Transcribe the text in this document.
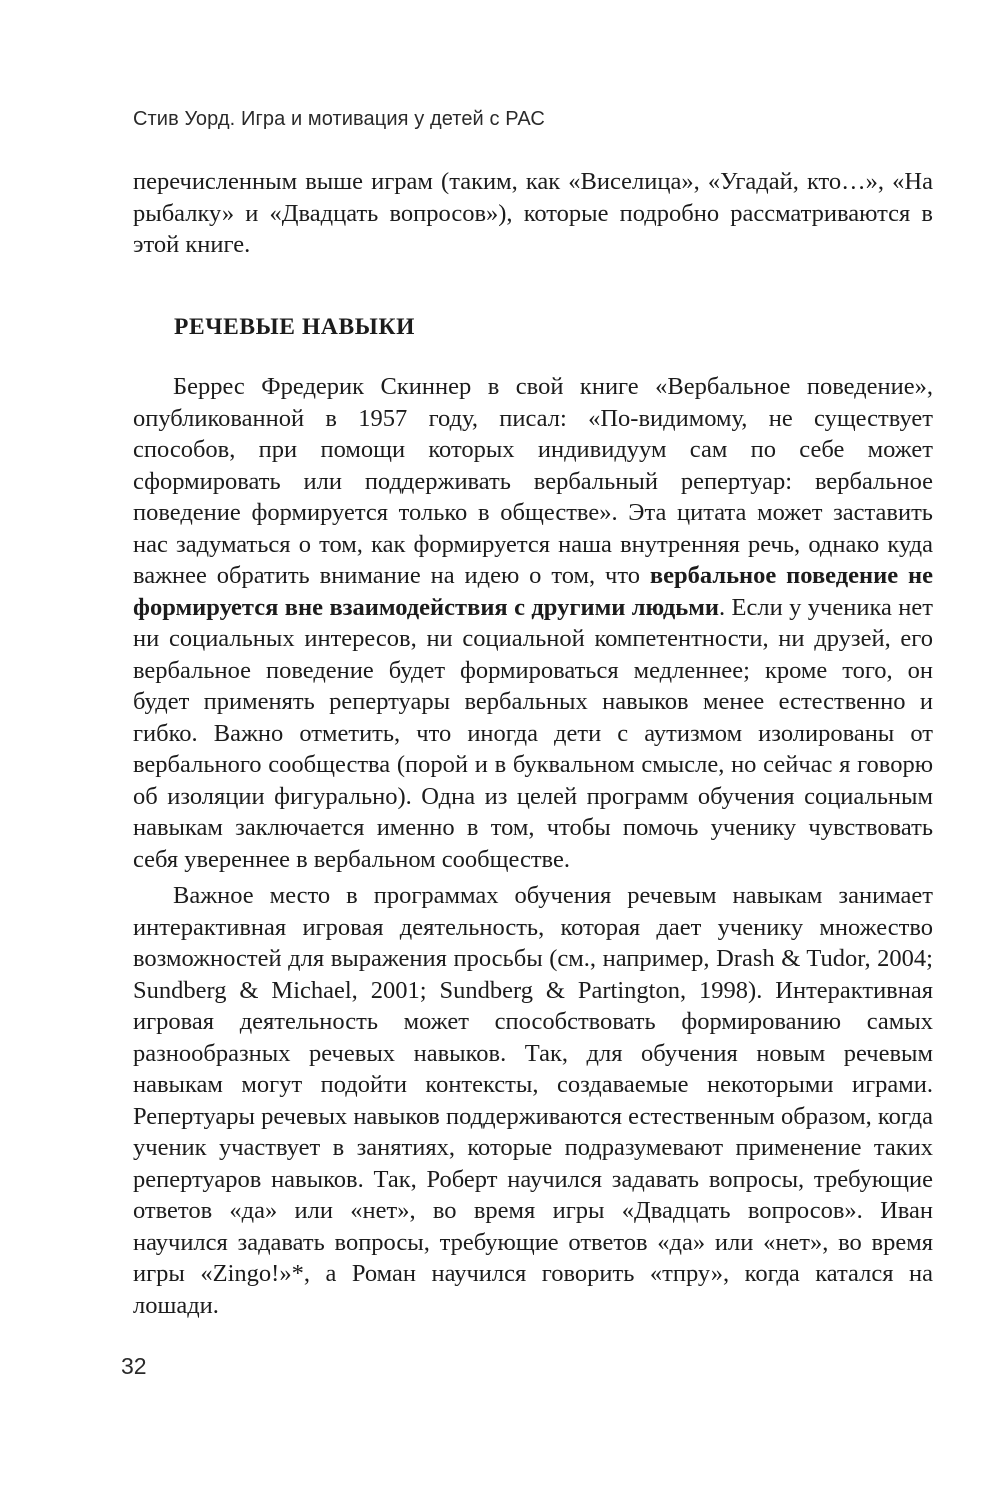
Стив Уорд. Игра и мотивация у детей с РАС

перечисленным выше играм (таким, как «Виселица», «Угадай, кто…», «На рыбалку» и «Двадцать вопросов»), которые подробно рассматриваются в этой книге.

РЕЧЕВЫЕ НАВЫКИ

Беррес Фредерик Скиннер в свой книге «Вербальное поведение», опубликованной в 1957 году, писал: «По-видимому, не существует способов, при помощи которых индивидуум сам по себе может сформировать или поддерживать вербальный репертуар: вербальное поведение формируется только в обществе». Эта цитата может заставить нас задуматься о том, как формируется наша внутренняя речь, однако куда важнее обратить внимание на идею о том, что вербальное поведение не формируется вне взаимодействия с другими людьми. Если у ученика нет ни социальных интересов, ни социальной компетентности, ни друзей, его вербальное поведение будет формироваться медленнее; кроме того, он будет применять репертуары вербальных навыков менее естественно и гибко. Важно отметить, что иногда дети с аутизмом изолированы от вербального сообщества (порой и в буквальном смысле, но сейчас я говорю об изоляции фигурально). Одна из целей программ обучения социальным навыкам заключается именно в том, чтобы помочь ученику чувствовать себя увереннее в вербальном сообществе.

Важное место в программах обучения речевым навыкам занимает интерактивная игровая деятельность, которая дает ученику множество возможностей для выражения просьбы (см., например, Drash & Tudor, 2004; Sundberg & Michael, 2001; Sundberg & Partington, 1998). Интерактивная игровая деятельность может способствовать формированию самых разнообразных речевых навыков. Так, для обучения новым речевым навыкам могут подойти контексты, создаваемые некоторыми играми. Репертуары речевых навыков поддерживаются естественным образом, когда ученик участвует в занятиях, которые подразумевают применение таких репертуаров навыков. Так, Роберт научился задавать вопросы, требующие ответов «да» или «нет», во время игры «Двадцать вопросов». Иван научился задавать вопросы, требующие ответов «да» или «нет», во время игры «Zingo!»*, а Роман научился говорить «тпру», когда катался на лошади.

32
